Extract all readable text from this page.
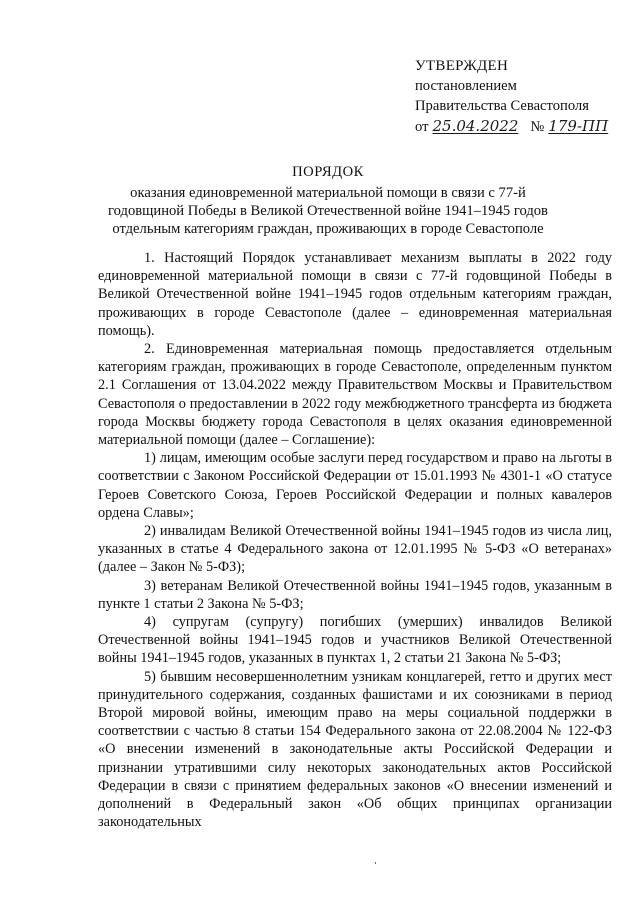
УТВЕРЖДЕН
постановлением
Правительства Севастополя
от 25.04.2022 № 179-ПП
ПОРЯДОК
оказания единовременной материальной помощи в связи с 77-й годовщиной Победы в Великой Отечественной войне 1941–1945 годов отдельным категориям граждан, проживающих в городе Севастополе

1. Настоящий Порядок устанавливает механизм выплаты в 2022 году единовременной материальной помощи в связи с 77-й годовщиной Победы в Великой Отечественной войне 1941–1945 годов отдельным категориям граждан, проживающих в городе Севастополе (далее – единовременная материальная помощь).

2. Единовременная материальная помощь предоставляется отдельным категориям граждан, проживающих в городе Севастополе, определенным пунктом 2.1 Соглашения от 13.04.2022 между Правительством Москвы и Правительством Севастополя о предоставлении в 2022 году межбюджетного трансферта из бюджета города Москвы бюджету города Севастополя в целях оказания единовременной материальной помощи (далее – Соглашение):

1) лицам, имеющим особые заслуги перед государством и право на льготы в соответствии с Законом Российской Федерации от 15.01.1993 № 4301-1 «О статусе Героев Советского Союза, Героев Российской Федерации и полных кавалеров ордена Славы»;

2) инвалидам Великой Отечественной войны 1941–1945 годов из числа лиц, указанных в статье 4 Федерального закона от 12.01.1995 № 5-ФЗ «О ветеранах» (далее – Закон № 5-ФЗ);

3) ветеранам Великой Отечественной войны 1941–1945 годов, указанным в пункте 1 статьи 2 Закона № 5-ФЗ;

4) супругам (супругу) погибших (умерших) инвалидов Великой Отечественной войны 1941–1945 годов и участников Великой Отечественной войны 1941–1945 годов, указанных в пунктах 1, 2 статьи 21 Закона № 5-ФЗ;

5) бывшим несовершеннолетним узникам концлагерей, гетто и других мест принудительного содержания, созданных фашистами и их союзниками в период Второй мировой войны, имеющим право на меры социальной поддержки в соответствии с частью 8 статьи 154 Федерального закона от 22.08.2004 № 122-ФЗ «О внесении изменений в законодательные акты Российской Федерации и признании утратившими силу некоторых законодательных актов Российской Федерации в связи с принятием федеральных законов «О внесении изменений и дополнений в Федеральный закон «Об общих принципах организации законодательных
